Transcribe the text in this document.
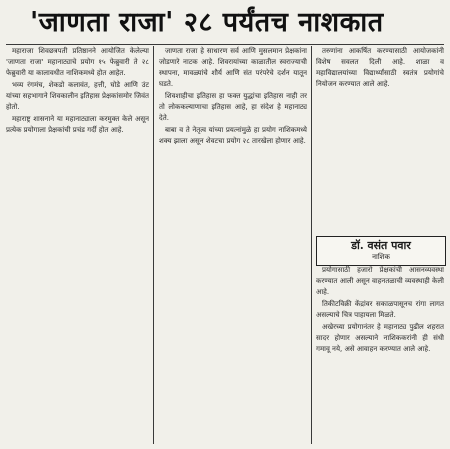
'जाणता राजा' २८ पर्यंतच नाशकात

महाराजा शिवछत्रपती प्रतिष्ठानने आयोजित केलेल्या 'जाणता राजा' महानाट्याचे प्रयोग १५ फेब्रुवारी ते २८ फेब्रुवारी या कालावधीत नाशिकमध्ये होत आहेत.

भव्य रंगमंच, शेकडो कलावंत, हत्ती, घोडे आणि उंट यांच्या सहभागाने शिवकालीन इतिहास प्रेक्षकांसमोर जिवंत होतो.

महाराष्ट्र शासनाने या महानाट्याला करमुक्त केले असून प्रत्येक प्रयोगाला प्रेक्षकांची प्रचंड गर्दी होत आहे.

जाणता राजा हे साधारण सर्व आणि मुसलमान प्रेक्षकांना जोडणारे नाटक आहे. शिवरायांच्या काळातील स्वराज्याची स्थापना, मावळ्यांचे शौर्य आणि संत परंपरेचे दर्शन यातून घडते.

शिवशाहीचा इतिहास हा फक्त युद्धांचा इतिहास नाही तर तो लोककल्याणाचा इतिहास आहे, हा संदेश हे महानाट्य देते.

बाबा व ते नेतृत्व यांच्या प्रयत्नांमुळे हा प्रयोग नाशिकमध्ये शक्य झाला असून शेवटचा प्रयोग २८ तारखेला होणार आहे.

तरुणांना आकर्षित करण्यासाठी आयोजकांनी विशेष सवलत दिली आहे. शाळा व महाविद्यालयांच्या विद्यार्थ्यांसाठी स्वतंत्र प्रयोगांचे नियोजन करण्यात आले आहे.

डॉ. वसंत पवार
नाशिक

प्रयोगासाठी हजारो प्रेक्षकांची आसनव्यवस्था करण्यात आली असून वाहनतळाची व्यवस्थाही केली आहे.

तिकीटविक्री केंद्रांवर सकाळपासूनच रांगा लागत असल्याचे चित्र पाहायला मिळते.

अखेरच्या प्रयोगानंतर हे महानाट्य पुढील शहरात सादर होणार असल्याने नाशिककरांनी ही संधी गमावू नये, असे आवाहन करण्यात आले आहे.
